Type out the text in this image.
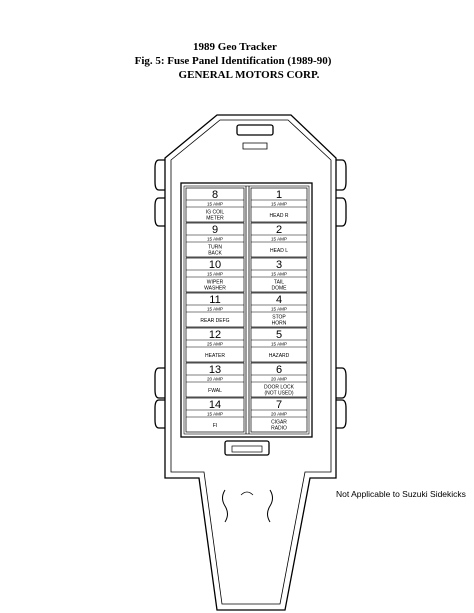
1989 Geo Tracker
Fig. 5: Fuse Panel Identification (1989-90)
GENERAL MOTORS CORP.
8
15 AMP
IG COIL
METER
9
15 AMP
TURN
BACK
10
15 AMP
WIPER
WASHER
11
15 AMP
REAR DEFG
12
25 AMP
HEATER
13
20 AMP
FWAL
14
15 AMP
FI
1
15 AMP
HEAD R
2
15 AMP
HEAD L
3
15 AMP
TAIL
DOME
4
15 AMP
STOP
HORN
5
15 AMP
HAZARD
6
20 AMP
DOOR LOCK
(NOT USED)
7
20 AMP
CIGAR
RADIO
Not Applicable to Suzuki Sidekicks
